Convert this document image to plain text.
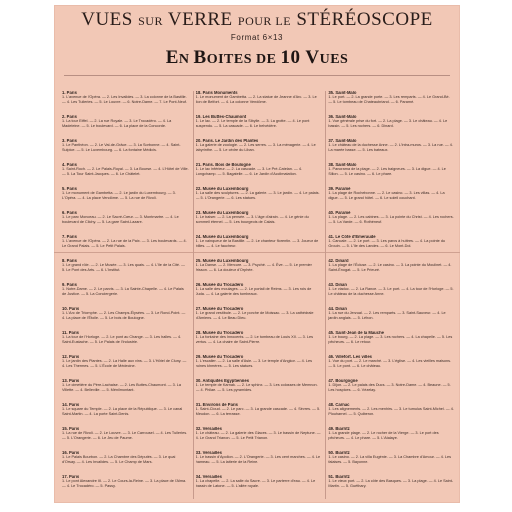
VUES SUR VERRE POUR LE STÉRÉOSCOPE
Format 6×13
EN BOITES DE 10 VUES
1. Paris
1. L'avenue de l'Opéra. — 2. Les Invalides. — 3. La colonne de la Bastille. — 4. Les Tuileries. — 5. Le Louvre. — 6. Notre-Dame. — 7. Le Pont-Neuf.
2. Paris
1. La tour Eiffel. — 2. La rue Royale. — 3. Le Trocadéro. — 4. La Madeleine. — 5. Le boulevard. — 6. La place de la Concorde.
3. Paris
1. Le Panthéon. — 2. Le Val-de-Grâce. — 3. La Sorbonne. — 4. Saint-Sulpice. — 5. Le Luxembourg. — 6. La fontaine Médicis.
4. Paris
1. Saint-Roch. — 2. Le Palais-Royal. — 3. La Bourse. — 4. L'Hôtel de Ville. — 5. La Tour Saint-Jacques. — 6. Le Châtelet.
5. Paris
1. Le monument de Gambetta. — 2. Le jardin du Luxembourg. — 3. L'Opéra. — 4. La place Vendôme. — 5. La rue de Rivoli.
6. Paris
1. Le parc Monceau. — 2. Le Sacré-Cœur. — 3. Montmartre. — 4. Le boulevard de Clichy. — 5. La gare Saint-Lazare.
7. Paris
1. L'avenue de l'Opéra. — 2. La rue de la Paix. — 3. Les boulevards. — 4. Le Grand Palais. — 5. Le Petit Palais.
8. Paris
1. Le grand rôle. — 2. Le Musée. — 3. Les quais. — 4. L'île de la Cité. — 5. Le Pont des Arts. — 6. L'Institut.
9. Paris
1. Notre-Dame. — 2. Le parvis. — 3. La Sainte-Chapelle. — 4. Le Palais de Justice. — 5. La Conciergerie.
10. Paris
1. L'Arc de Triomphe. — 2. Les Champs-Élysées. — 3. Le Rond-Point. — 4. La place de l'Étoile. — 5. Le bois de Boulogne.
11. Paris
1. La tour de l'Horloge. — 2. Le pont au Change. — 3. Les halles. — 4. Saint-Eustache. — 5. Le Palais de l'Industrie.
12. Paris
1. Le jardin des Plantes. — 2. La Halle aux vins. — 3. L'Hôtel de Cluny. — 4. Les Thermes. — 5. L'École de Médecine.
13. Paris
1. Le cimetière du Père-Lachaise. — 2. Les Buttes-Chaumont. — 3. La Villette. — 4. Belleville. — 5. Ménilmontant.
14. Paris
1. Le square du Temple. — 2. La place de la République. — 3. Le canal Saint-Martin. — 4. La porte Saint-Denis.
15. Paris
1. La rue de Rivoli. — 2. Le Louvre. — 3. Le Carrousel. — 4. Les Tuileries. — 5. L'Orangerie. — 6. Le Jeu de Paume.
16. Paris
1. Le Palais Bourbon. — 2. La Chambre des Députés. — 3. Le quai d'Orsay. — 4. Les Invalides. — 5. Le Champ de Mars.
17. Paris
1. Le pont Alexandre III. — 2. Le Cours-la-Reine. — 3. La place de l'Alma. — 4. Le Trocadéro. — 5. Passy.
18. Paris Monuments
1. Le monument de Gambetta. — 2. La statue de Jeanne d'Arc. — 3. Le lion de Belfort. — 4. La colonne Vendôme.
19. Les Buttes-Chaumont
1. Le lac. — 2. Le temple de la Sibylle. — 3. La grotte. — 4. Le pont suspendu. — 5. La cascade. — 6. Le belvédère.
20. Paris. Le Jardin des Plantes
1. La galerie de zoologie. — 2. Les serres. — 3. La ménagerie. — 4. Le labyrinthe. — 5. Le cèdre du Liban.
21. Paris. Bois de Boulogne
1. Le lac inférieur. — 2. La cascade. — 3. Le Pré-Catelan. — 4. Longchamp. — 5. Bagatelle. — 6. Le Jardin d'Acclimatation.
22. Musée du Luxembourg
1. La salle des sculptures. — 2. La galerie. — 3. Le jardin. — 4. Le palais. — 5. L'Orangerie. — 6. Les statues.
23. Musée du Luxembourg
1. Le baiser. — 2. La pensée. — 3. L'âge d'airain. — 4. Le génie du sommeil éternel. — 5. Les bourgeois de Calais.
24. Musée du Luxembourg
1. Le vainqueur de la Bastille. — 2. Le chanteur florentin. — 3. Joueur de billes. — 4. Le faucheur.
25. Musée du Luxembourg
1. La Danse. — 2. Mercure. — 3. Psyché. — 4. Ève. — 5. Le premier frisson. — 6. La douleur d'Orphée.
26. Musée du Trocadéro
1. La salle des moulages. — 2. Le portail de Reims. — 3. Les rois de Juda. — 4. La galerie des tombeaux.
27. Musée du Trocadéro
1. Le grand vestibule. — 2. Le porche de Moissac. — 3. La cathédrale d'Amiens. — 4. Le Beau Dieu.
28. Musée du Trocadéro
1. La fontaine des Innocents. — 2. Le tombeau de Louis XII. — 3. Les vertus. — 4. La chaire de Saint-Pierre.
29. Musée du Trocadéro
1. L'escalier. — 2. La salle d'Asie. — 3. Le temple d'Angkor. — 4. Les ruines khmères. — 5. Les statues.
30. Antiquités Égyptiennes
1. Le temple de Karnak. — 2. Le sphinx. — 3. Les colosses de Memnon. — 4. Philae. — 5. Les pyramides.
31. Environs de Paris
1. Saint-Cloud. — 2. Le parc. — 3. La grande cascade. — 4. Sèvres. — 5. Meudon. — 6. La terrasse.
32. Versailles
1. Le château. — 2. La galerie des Glaces. — 3. Le bassin de Neptune. — 4. Le Grand Trianon. — 5. Le Petit Trianon.
33. Versailles
1. Le bassin d'Apollon. — 2. L'Orangerie. — 3. Les cent marches. — 4. Le hameau. — 5. La laiterie de la Reine.
34. Versailles
1. La chapelle. — 2. La salle du Sacre. — 3. Le parterre d'eau. — 4. Le bassin de Latone. — 5. L'allée royale.
35. Saint-Malo
1. Le port. — 2. La grande porte. — 3. Les remparts. — 4. Le Grand-Bé. — 5. Le tombeau de Chateaubriand. — 6. Paramé.
36. Saint-Malo
1. Vue générale prise du fort. — 2. La plage. — 3. Le château. — 4. Le bassin. — 5. Les rochers. — 6. Dinard.
37. Saint-Malo
1. Le château de la duchesse Anne. — 2. L'intra-muros. — 3. La rue. — 4. La marée basse. — 5. Les bateaux.
38. Saint-Malo
1. Panorama de la plage. — 2. Les baigneurs. — 3. La digue. — 4. Le Sillon. — 5. Le casino. — 6. Le phare.
39. Paramé
1. La plage de Rochebonne. — 2. Le casino. — 3. Les villas. — 4. La digue. — 5. Le grand hôtel. — 6. Le soleil couchant.
40. Paramé
1. La plage. — 2. Les cabines. — 3. La pointe du Christ. — 4. Les rochers. — 5. La Varde. — 6. Rothéneuf.
41. Le Côte d'Émeraude
1. Cancale. — 2. Le port. — 3. Les parcs à huîtres. — 4. La pointe du Grouin. — 5. L'île des Landes. — 6. Le Mont-Dol.
42. Dinard
1. La plage de l'Écluse. — 2. Le casino. — 3. La pointe du Moulinet. — 4. Saint-Énogat. — 5. Le Prieuré.
43. Dinan
1. Le viaduc. — 2. La Rance. — 3. Le port. — 4. La tour de l'Horloge. — 5. Le château de la duchesse Anne.
44. Dinan
1. La rue du Jerzual. — 2. Les remparts. — 3. Saint-Sauveur. — 4. Le jardin anglais. — 5. Léhon.
45. Saint-Jean de la Mauche
1. Le bourg. — 2. La plage. — 3. Les rochers. — 4. La chapelle. — 5. Les pêcheurs. — 6. Le retour.
46. Villefort. Les villes
1. Vue du port. — 2. Le marché. — 3. L'église. — 4. Les vieilles maisons. — 5. Le pont. — 6. Le château.
47. Bourgogne
1. Dijon. — 2. Le palais des Ducs. — 3. Notre-Dame. — 4. Beaune. — 5. Les hospices. — 6. Vézelay.
48. Carnac
1. Les alignements. — 2. Les menhirs. — 3. Le tumulus Saint-Michel. — 4. Plouharnel. — 5. Quiberon.
49. Biarritz
1. La grande plage. — 2. Le rocher de la Vierge. — 3. Le port des pêcheurs. — 4. Le phare. — 5. L'Atalaye.
50. Biarritz
1. Le casino. — 2. La villa Eugénie. — 3. La Chambre d'Amour. — 4. Les falaises. — 5. Bayonne.
51. Biarritz
1. Le vieux port. — 2. La côte des Basques. — 3. La plage. — 4. Le Saint-Martin. — 5. Guéthary.
